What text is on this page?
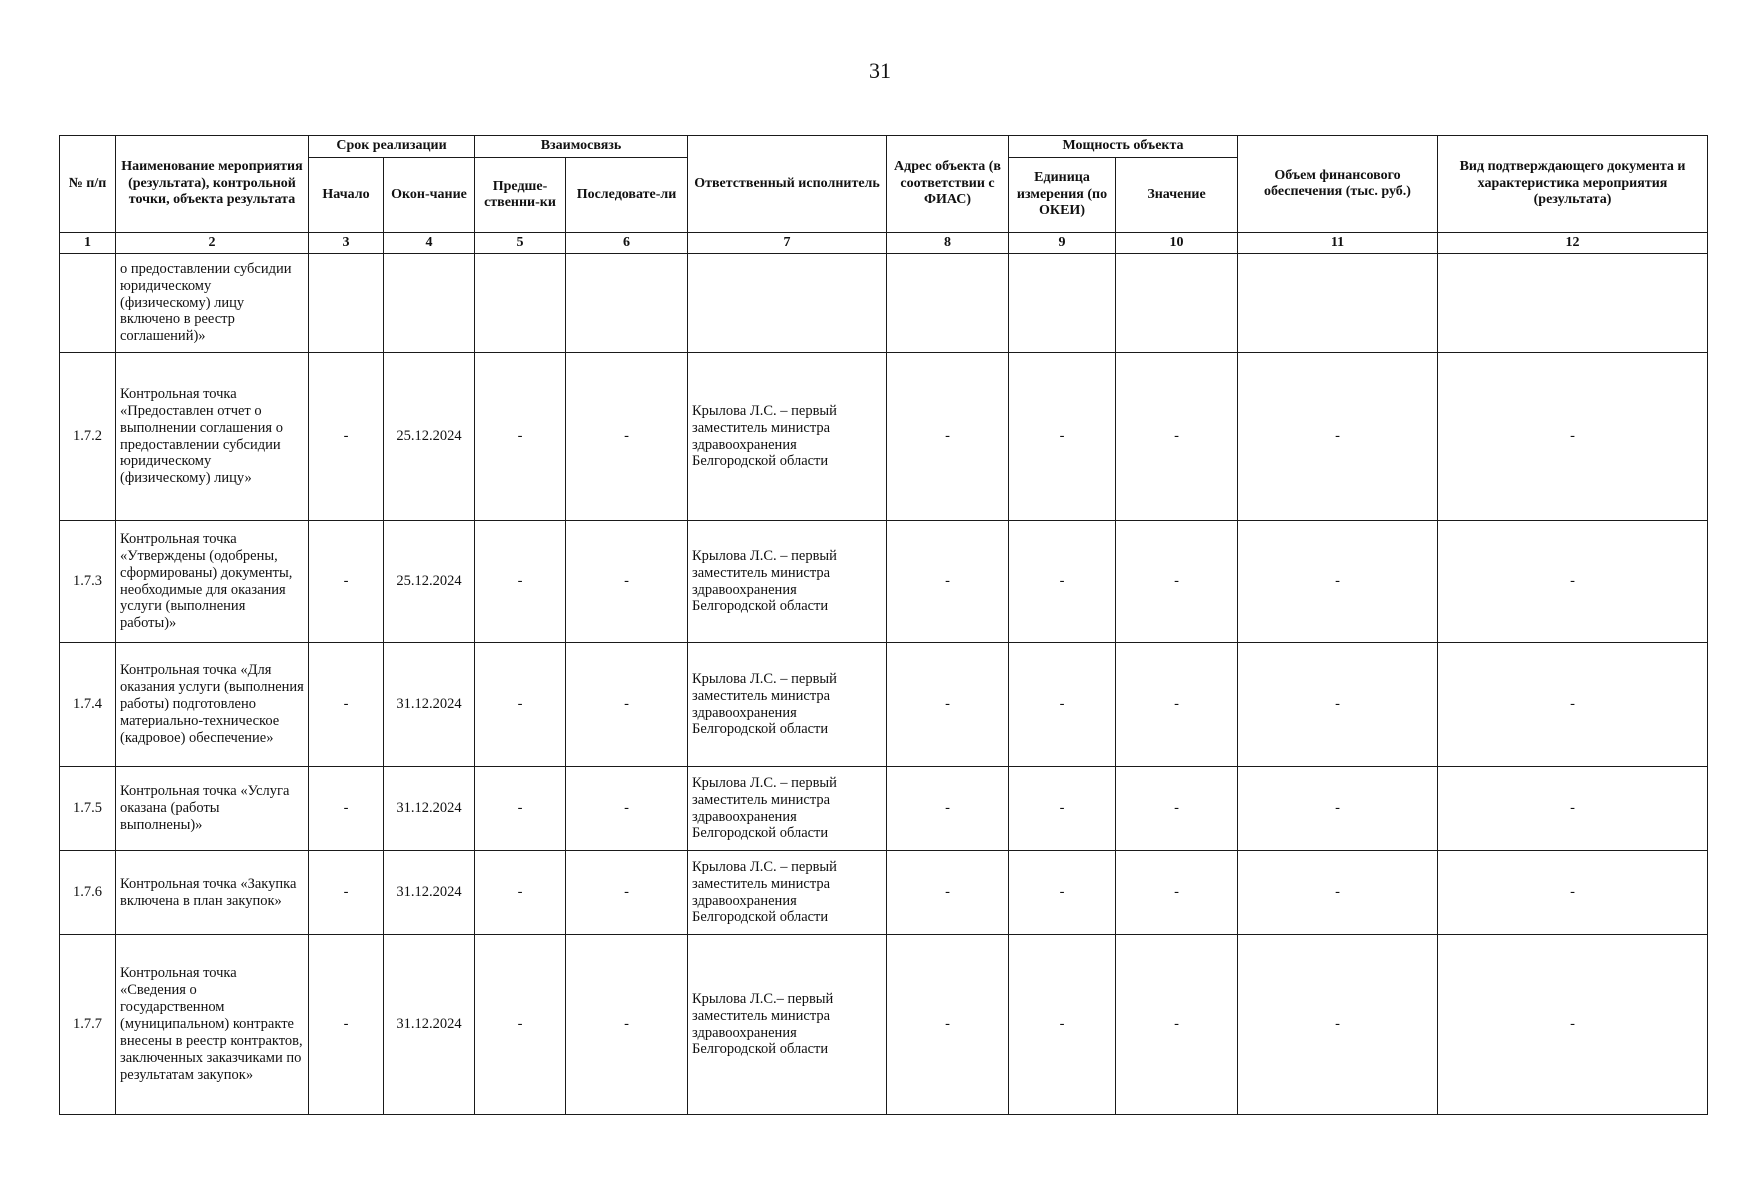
31
№ п/п	Наименование мероприятия (результата), контрольной точки, объекта результата	Срок реализации		Взаимосвязь		Ответственный исполнитель	Адрес объекта (в соответствии с ФИАС)	Мощность объекта		Объем финансового обеспечения (тыс. руб.)	Вид подтверждающего документа и характеристика мероприятия (результата)
		Начало	Окон-чание	Предше-ственни-ки	Последовате-ли			Единица измерения (по ОКЕИ)	Значение		
1	2	3	4	5	6	7	8	9	10	11	12
	о предоставлении субсидии юридическому (физическому) лицу включено в реестр соглашений)»										
1.7.2	Контрольная точка «Предоставлен отчет о выполнении соглашения о предоставлении субсидии юридическому (физическому) лицу»	-	25.12.2024	-	-	Крылова Л.С. – первый заместитель министра здравоохранения Белгородской области	-	-	-	-	-
1.7.3	Контрольная точка «Утверждены (одобрены, сформированы) документы, необходимые для оказания услуги (выполнения работы)»	-	25.12.2024	-	-	Крылова Л.С. – первый заместитель министра здравоохранения Белгородской области	-	-	-	-	-
1.7.4	Контрольная точка «Для оказания услуги (выполнения работы) подготовлено материально-техническое (кадровое) обеспечение»	-	31.12.2024	-	-	Крылова Л.С. – первый заместитель министра здравоохранения Белгородской области	-	-	-	-	-
1.7.5	Контрольная точка «Услуга оказана (работы выполнены)»	-	31.12.2024	-	-	Крылова Л.С. – первый заместитель министра здравоохранения Белгородской области	-	-	-	-	-
1.7.6	Контрольная точка «Закупка включена в план закупок»	-	31.12.2024	-	-	Крылова Л.С. – первый заместитель министра здравоохранения Белгородской области	-	-	-	-	-
1.7.7	Контрольная точка «Сведения о государственном (муниципальном) контракте внесены в реестр контрактов, заключенных заказчиками по результатам закупок»	-	31.12.2024	-	-	Крылова Л.С.– первый заместитель министра здравоохранения Белгородской области	-	-	-	-	-
